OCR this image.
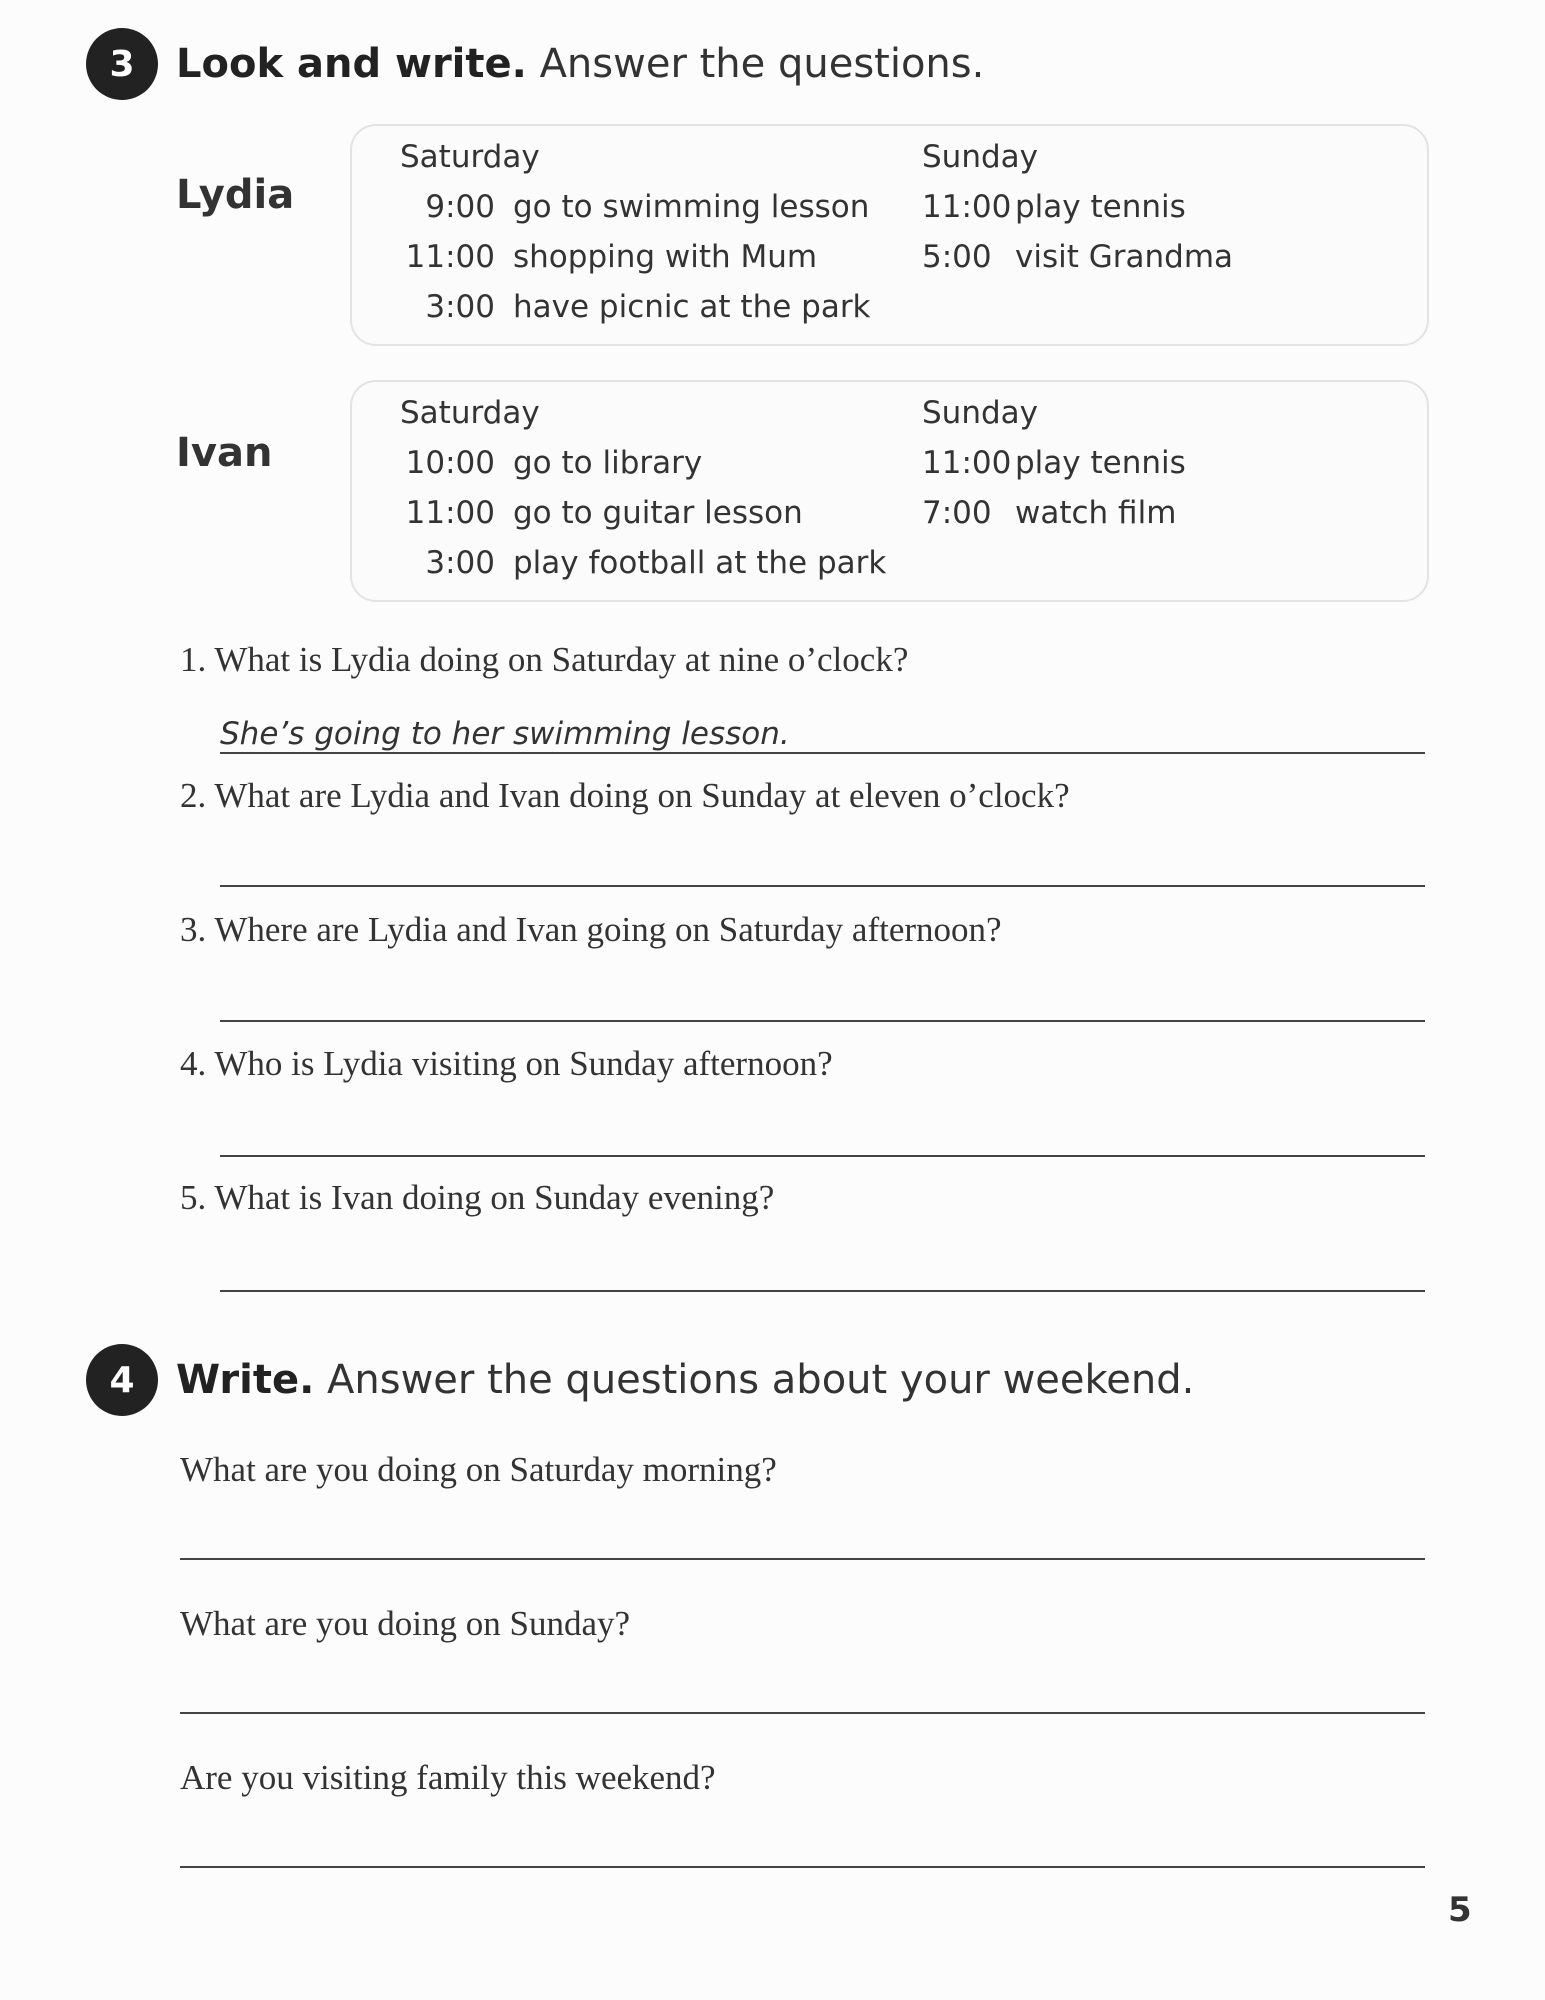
3	Look and write. Answer the questions.
Lydia
Saturday
9:00 go to swimming lesson
11:00 shopping with Mum
3:00 have picnic at the park
Sunday
11:00 play tennis
5:00 visit Grandma
Ivan
Saturday
10:00 go to library
11:00 go to guitar lesson
3:00 play football at the park
Sunday
11:00 play tennis
7:00 watch film
1. What is Lydia doing on Saturday at nine o’clock?
She’s going to her swimming lesson.
2. What are Lydia and Ivan doing on Sunday at eleven o’clock?
3. Where are Lydia and Ivan going on Saturday afternoon?
4. Who is Lydia visiting on Sunday afternoon?
5. What is Ivan doing on Sunday evening?
4	Write. Answer the questions about your weekend.
What are you doing on Saturday morning?
What are you doing on Sunday?
Are you visiting family this weekend?
5
